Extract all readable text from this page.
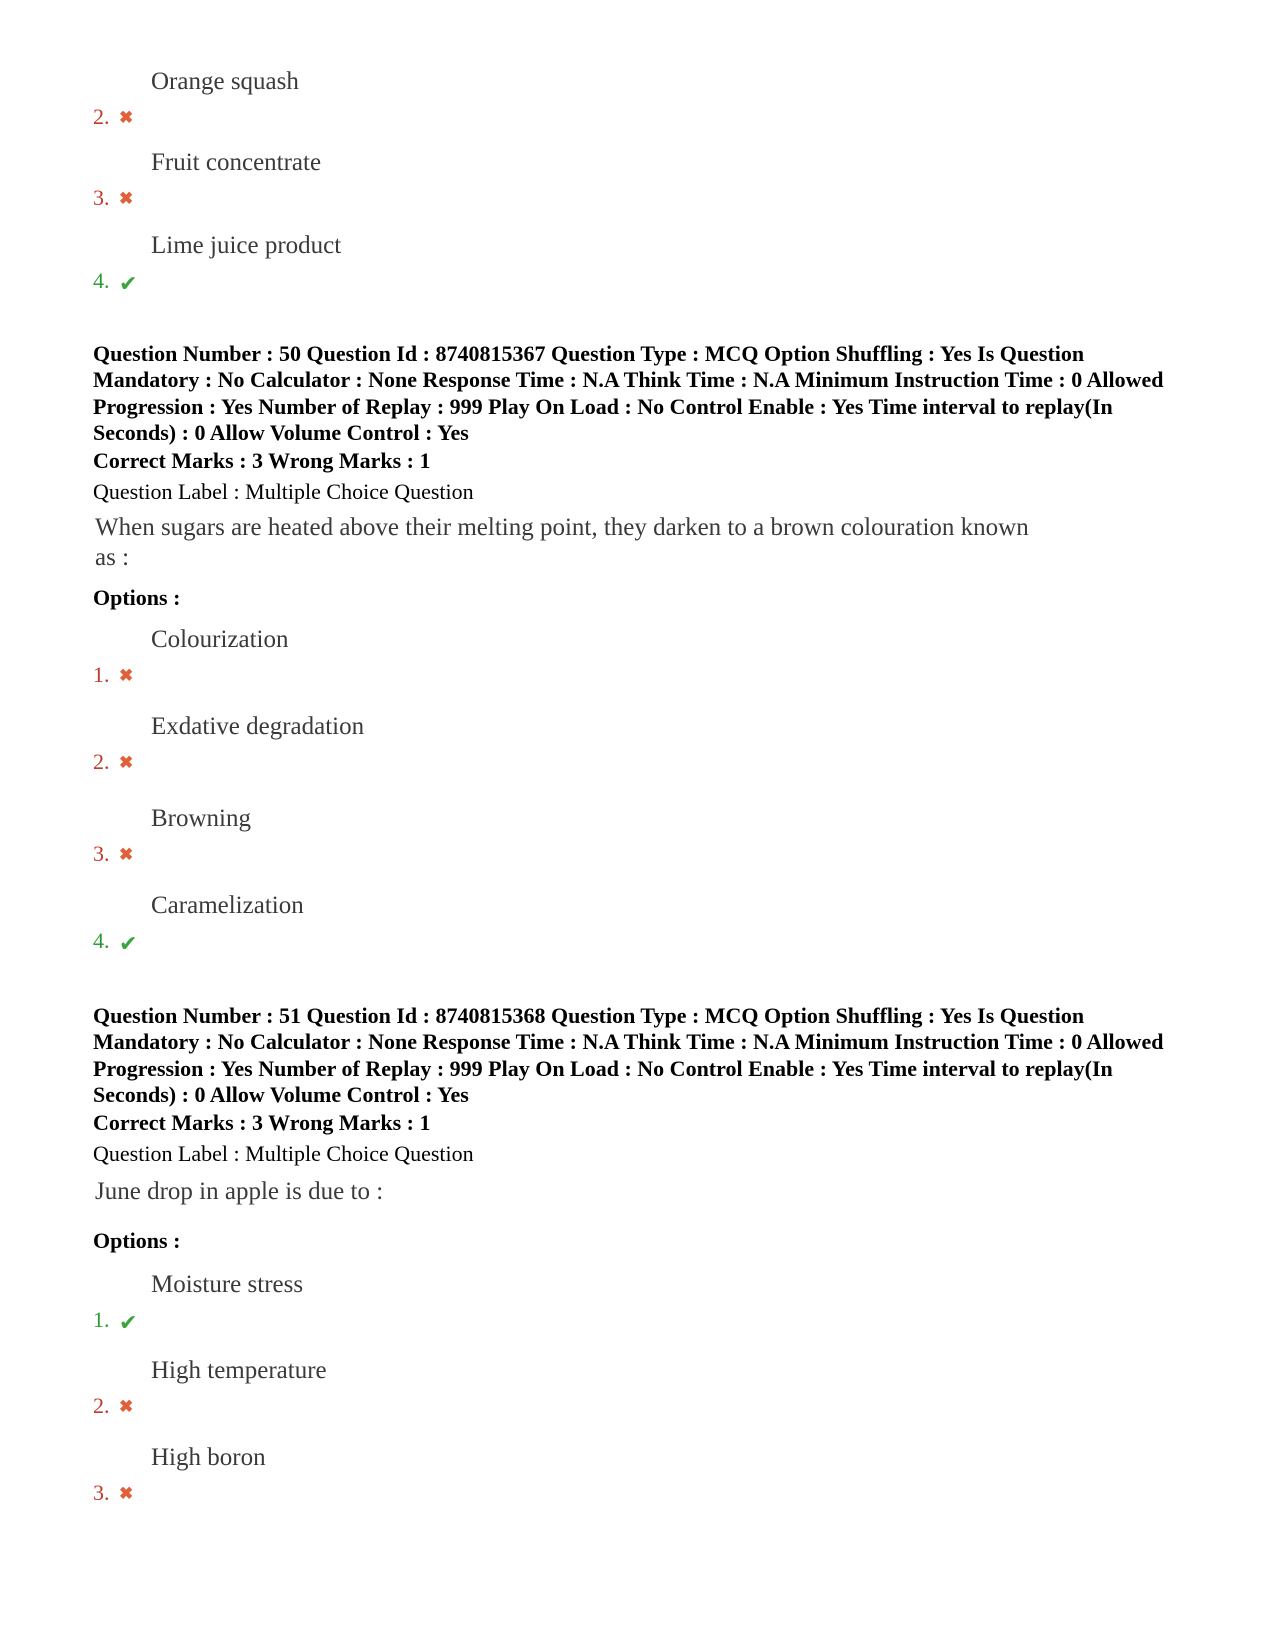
2. ✖
Orange squash
3. ✖
Fruit concentrate
4. ✔
Lime juice product
Question Number : 50 Question Id : 8740815367 Question Type : MCQ Option Shuffling : Yes Is Question Mandatory : No Calculator : None Response Time : N.A Think Time : N.A Minimum Instruction Time : 0 Allowed Progression : Yes Number of Replay : 999 Play On Load : No Control Enable : Yes Time interval to replay(In Seconds) : 0 Allow Volume Control : Yes
Correct Marks : 3 Wrong Marks : 1
Question Label : Multiple Choice Question
When sugars are heated above their melting point, they darken to a brown colouration known as :
Options :
1. ✖
Colourization
2. ✖
Exdative degradation
3. ✖
Browning
4. ✔
Caramelization
Question Number : 51 Question Id : 8740815368 Question Type : MCQ Option Shuffling : Yes Is Question Mandatory : No Calculator : None Response Time : N.A Think Time : N.A Minimum Instruction Time : 0 Allowed Progression : Yes Number of Replay : 999 Play On Load : No Control Enable : Yes Time interval to replay(In Seconds) : 0 Allow Volume Control : Yes
Correct Marks : 3 Wrong Marks : 1
Question Label : Multiple Choice Question
June drop in apple is due to :
Options :
1. ✔
Moisture stress
2. ✖
High temperature
3. ✖
High boron
